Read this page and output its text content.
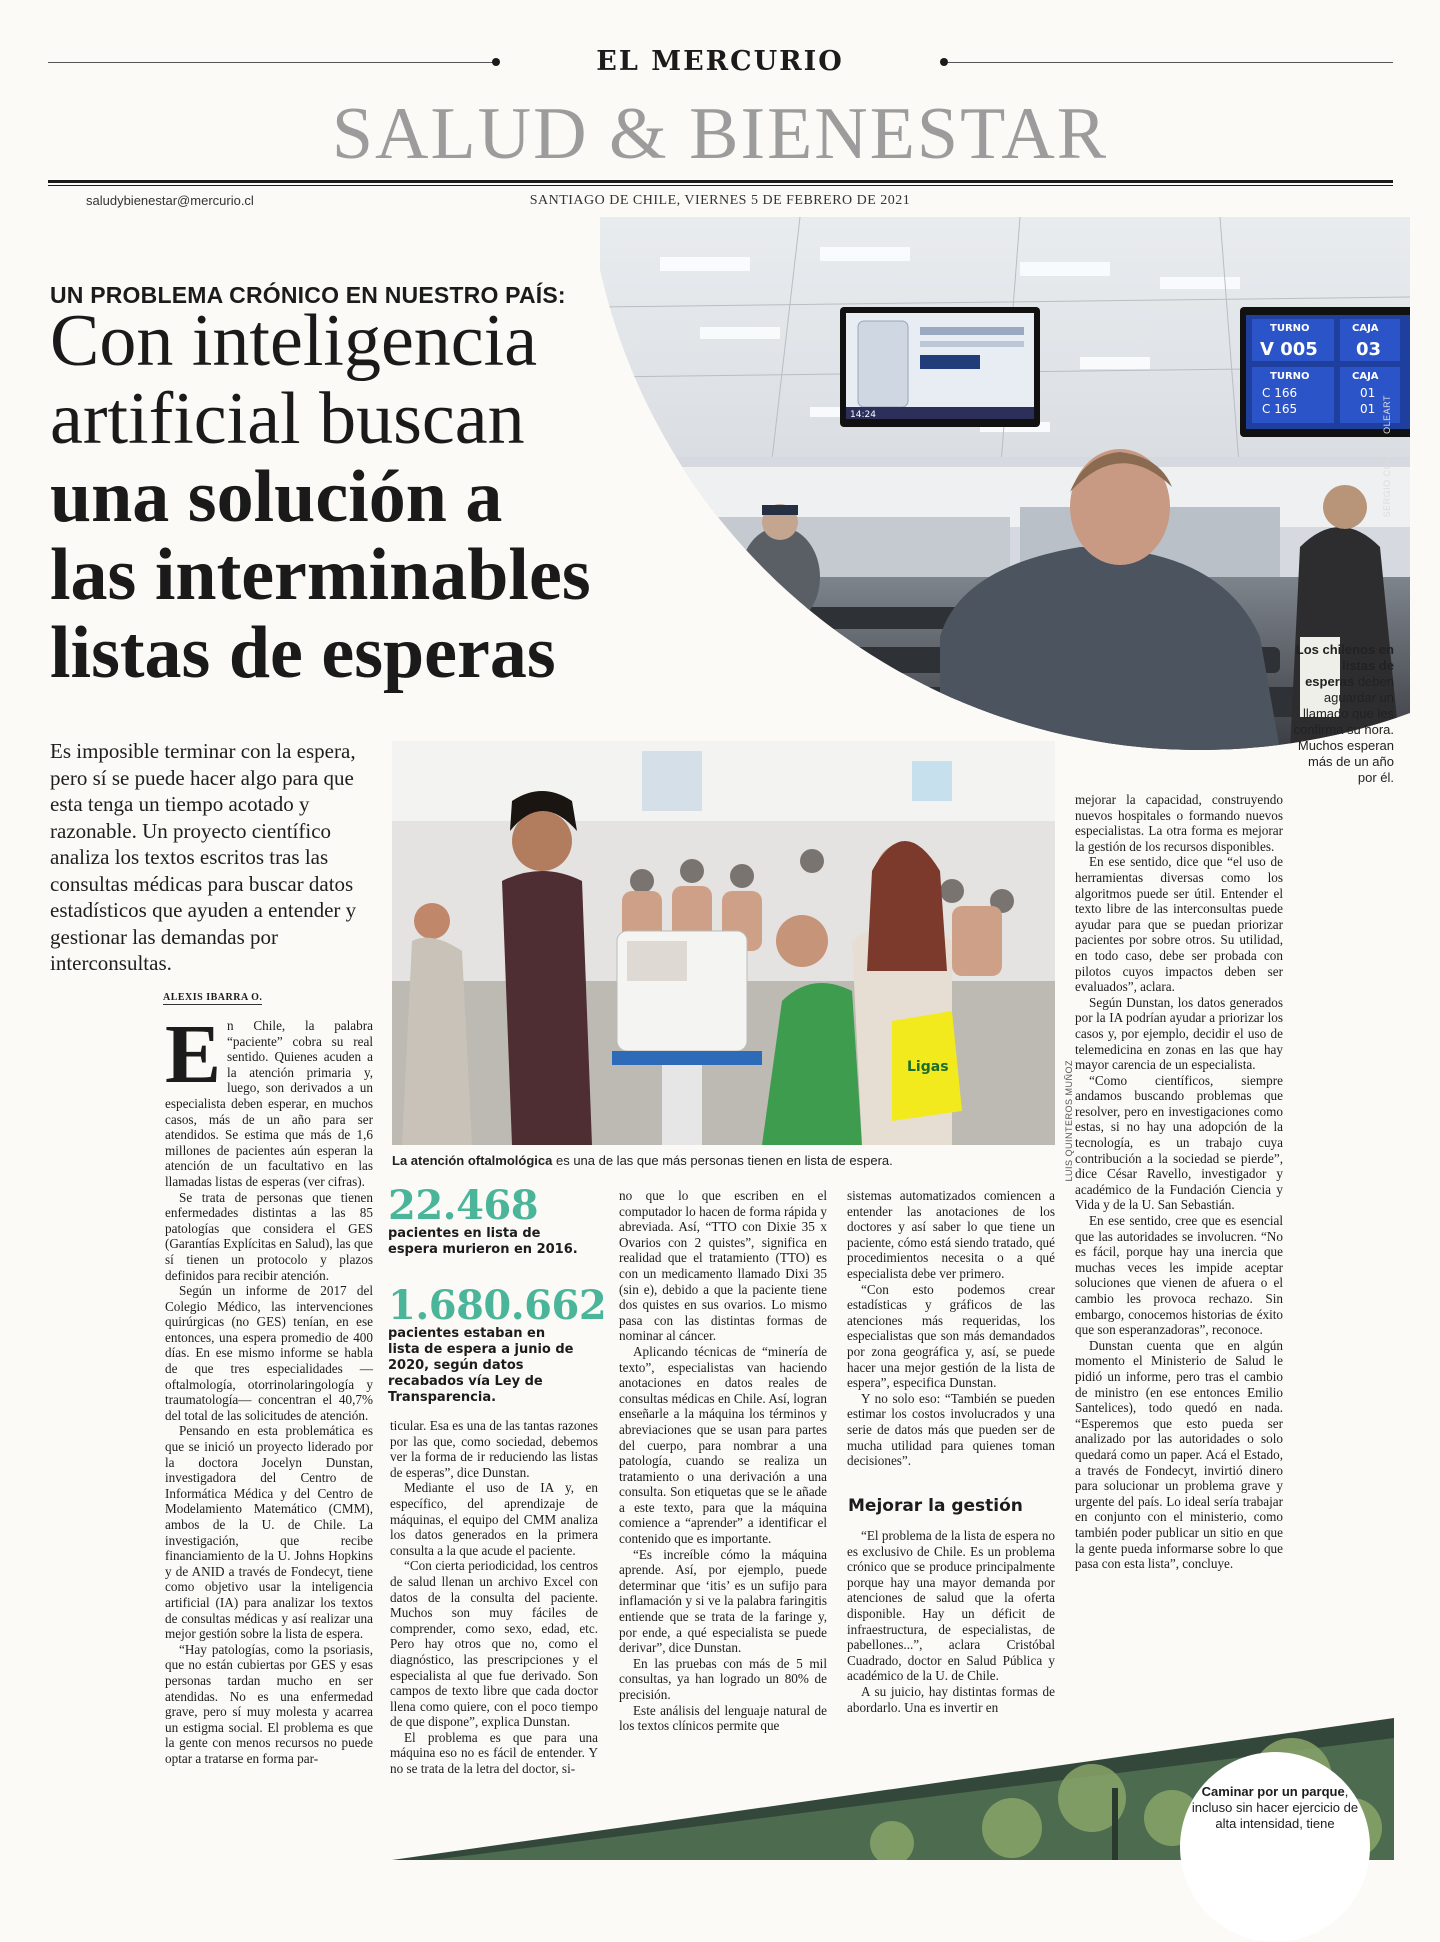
EL MERCURIO
SALUD & BIENESTAR
saludybienestar@mercurio.cl	SANTIAGO DE CHILE, VIERNES 5 DE FEBRERO DE 2021
14:24
TURNO
V 005
CAJA
03
TURNO
C 166
C 165
CAJA
01
01 SERGIO COLLAO OLEART
UN PROBLEMA CRÓNICO EN NUESTRO PAÍS:
Con inteligencia
artificial buscan
una solución a
las interminables
listas de esperas	Los chilenos en listas de esperas deben aguardar un llamado que les confirma su hora. Muchos esperan más de un año por él.
Es imposible terminar con la espera, pero sí se puede hacer algo para que esta tenga un tiempo acotado y razonable. Un proyecto científico analiza los textos escritos tras las consultas médicas para buscar datos estadísticos que ayuden a entender y gestionar las demandas por interconsultas.
ALEXIS IBARRA O.
Ligas	LUIS QUINTEROS MUÑOZ
La atención oftalmológica es una de las que más personas tienen en lista de espera.
E n Chile, la palabra “paciente” cobra su real sentido. Quienes acuden a la atención primaria y, luego, son derivados a un especialista deben esperar, en muchos casos, más de un año para ser atendidos. Se estima que más de 1,6 millones de pacientes aún esperan la atención de un facultativo en las llamadas listas de esperas (ver cifras).

Se trata de personas que tienen enfermedades distintas a las 85 patologías que considera el GES (Garantías Explícitas en Salud), las que sí tienen un protocolo y plazos definidos para recibir atención.

Según un informe de 2017 del Colegio Médico, las intervenciones quirúrgicas (no GES) tenían, en ese entonces, una espera promedio de 400 días. En ese mismo informe se habla de que tres especialidades —oftalmología, otorrinolaringología y traumatología— concentran el 40,7% del total de las solicitudes de atención.

Pensando en esta problemática es que se inició un proyecto liderado por la doctora Jocelyn Dunstan, investigadora del Centro de Informática Médica y del Centro de Modelamiento Matemático (CMM), ambos de la U. de Chile. La investigación, que recibe financiamiento de la U. Johns Hopkins y de ANID a través de Fondecyt, tiene como objetivo usar la inteligencia artificial (IA) para analizar los textos de consultas médicas y así realizar una mejor gestión sobre la lista de espera.

“Hay patologías, como la psoriasis, que no están cubiertas por GES y esas personas tardan mucho en ser atendidas. No es una enfermedad grave, pero sí muy molesta y acarrea un estigma social. El problema es que la gente con menos recursos no puede optar a tratarse en forma par-

22.468
pacientes en lista de espera murieron en 2016.
1.680.662
pacientes estaban en lista de espera a junio de 2020, según datos recabados vía Ley de Transparencia.

ticular. Esa es una de las tantas razones por las que, como sociedad, debemos ver la forma de ir reduciendo las listas de esperas”, dice Dunstan.

Mediante el uso de IA y, en específico, del aprendizaje de máquinas, el equipo del CMM analiza los datos generados en la primera consulta a la que acude el paciente.

“Con cierta periodicidad, los centros de salud llenan un archivo Excel con datos de la consulta del paciente. Muchos son muy fáciles de comprender, como sexo, edad, etc. Pero hay otros que no, como el diagnóstico, las prescripciones y el especialista al que fue derivado. Son campos de texto libre que cada doctor llena como quiere, con el poco tiempo de que dispone”, explica Dunstan.

El problema es que para una máquina eso no es fácil de entender. Y no se trata de la letra del doctor, si-

no que lo que escriben en el computador lo hacen de forma rápida y abreviada. Así, “TTO con Dixie 35 x Ovarios con 2 quistes”, significa en realidad que el tratamiento (TTO) es con un medicamento llamado Dixi 35 (sin e), debido a que la paciente tiene dos quistes en sus ovarios. Lo mismo pasa con las distintas formas de nominar al cáncer.

Aplicando técnicas de “minería de texto”, especialistas van haciendo anotaciones en datos reales de consultas médicas en Chile. Así, logran enseñarle a la máquina los términos y abreviaciones que se usan para partes del cuerpo, para nombrar a una patología, cuando se realiza un tratamiento o una derivación a una consulta. Son etiquetas que se le añade a este texto, para que la máquina comience a “aprender” a identificar el contenido que es importante.

“Es increíble cómo la máquina aprende. Así, por ejemplo, puede determinar que ‘itis’ es un sufijo para inflamación y si ve la palabra faringitis entiende que se trata de la faringe y, por ende, a qué especialista se puede derivar”, dice Dunstan.

En las pruebas con más de 5 mil consultas, ya han logrado un 80% de precisión.

Este análisis del lenguaje natural de los textos clínicos permite que

sistemas automatizados comiencen a entender las anotaciones de los doctores y así saber lo que tiene un paciente, cómo está siendo tratado, qué procedimientos necesita o a qué especialista debe ver primero.

“Con esto podemos crear estadísticas y gráficos de las atenciones más requeridas, los especialistas que son más demandados por zona geográfica y, así, se puede hacer una mejor gestión de la lista de espera”, especifica Dunstan.

Y no solo eso: “También se pueden estimar los costos involucrados y una serie de datos más que pueden ser de mucha utilidad para quienes toman decisiones”.

Mejorar la gestión

“El problema de la lista de espera no es exclusivo de Chile. Es un problema crónico que se produce principalmente porque hay una mayor demanda por atenciones de salud que la oferta disponible. Hay un déficit de infraestructura, de especialistas, de pabellones...”, aclara Cristóbal Cuadrado, doctor en Salud Pública y académico de la U. de Chile.

A su juicio, hay distintas formas de abordarlo. Una es invertir en

mejorar la capacidad, construyendo nuevos hospitales o formando nuevos especialistas. La otra forma es mejorar la gestión de los recursos disponibles.

En ese sentido, dice que “el uso de herramientas diversas como los algoritmos puede ser útil. Entender el texto libre de las interconsultas puede ayudar para que se puedan priorizar pacientes por sobre otros. Su utilidad, en todo caso, debe ser probada con pilotos cuyos impactos deben ser evaluados”, aclara.

Según Dunstan, los datos generados por la IA podrían ayudar a priorizar los casos y, por ejemplo, decidir el uso de telemedicina en zonas en las que hay mayor carencia de un especialista.

“Como científicos, siempre andamos buscando problemas que resolver, pero en investigaciones como estas, si no hay una adopción de la tecnología, es un trabajo cuya contribución a la sociedad se pierde”, dice César Ravello, investigador y académico de la Fundación Ciencia y Vida y de la U. San Sebastián.

En ese sentido, cree que es esencial que las autoridades se involucren. “No es fácil, porque hay una inercia que muchas veces les impide aceptar soluciones que vienen de afuera o el cambio les provoca rechazo. Sin embargo, conocemos historias de éxito que son esperanzadoras”, reconoce.

Dunstan cuenta que en algún momento el Ministerio de Salud le pidió un informe, pero tras el cambio de ministro (en ese entonces Emilio Santelices), todo quedó en nada. “Esperemos que esto pueda ser analizado por las autoridades o solo quedará como un paper. Acá el Estado, a través de Fondecyt, invirtió dinero para solucionar un problema grave y urgente del país. Lo ideal sería trabajar en conjunto con el ministerio, como también poder publicar un sitio en que la gente pueda informarse sobre lo que pasa con esta lista”, concluye.

Caminar por un parque, incluso sin hacer ejercicio de alta intensidad, tiene
